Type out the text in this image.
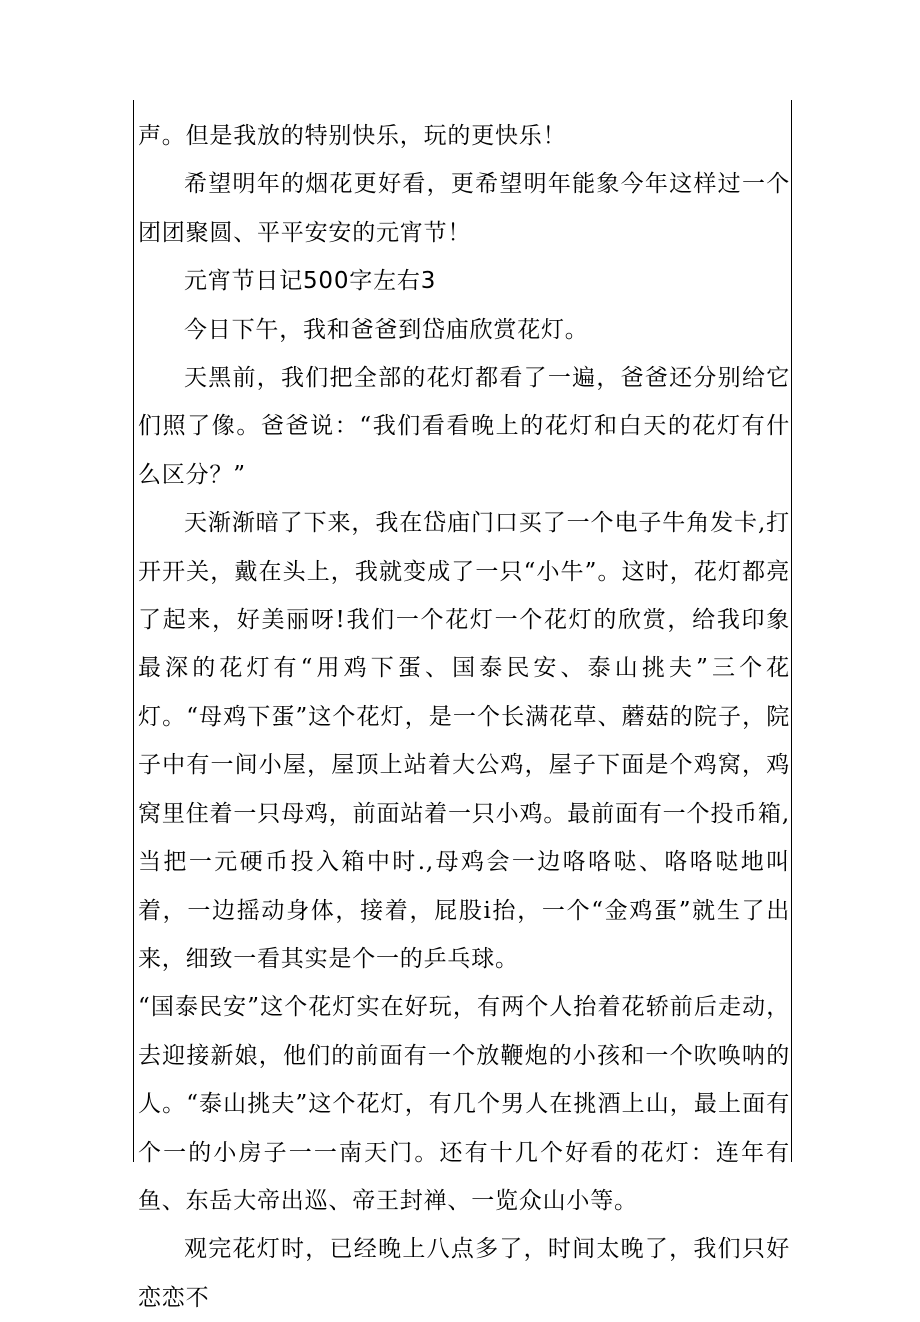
声。但是我放的特别快乐，玩的更快乐！

希望明年的烟花更好看，更希望明年能象今年这样过一个团团聚圆、平平安安的元宵节！

元宵节日记500字左右3

今日下午，我和爸爸到岱庙欣赏花灯。

天黑前，我们把全部的花灯都看了一遍，爸爸还分别给它们照了像。爸爸说：“我们看看晚上的花灯和白天的花灯有什么区分？”

天渐渐暗了下来，我在岱庙门口买了一个电子牛角发卡,打开开关，戴在头上，我就变成了一只“小牛”。这时，花灯都亮了起来，好美丽呀!我们一个花灯一个花灯的欣赏，给我印象最深的花灯有“用鸡下蛋、国泰民安、泰山挑夫”三个花灯。“母鸡下蛋”这个花灯，是一个长满花草、蘑菇的院子，院子中有一间小屋，屋顶上站着大公鸡，屋子下面是个鸡窝，鸡窝里住着一只母鸡，前面站着一只小鸡。最前面有一个投币箱,当把一元硬币投入箱中时.,母鸡会一边咯咯哒、咯咯哒地叫着，一边摇动身体，接着，屁股i抬，一个“金鸡蛋”就生了出来，细致一看其实是个一的乒乓球。

“国泰民安”这个花灯实在好玩，有两个人抬着花轿前后走动，去迎接新娘，他们的前面有一个放鞭炮的小孩和一个吹唤呐的人。“泰山挑夫”这个花灯，有几个男人在挑酒上山，最上面有个一的小房子一一南天门。还有十几个好看的花灯：连年有鱼、东岳大帝出巡、帝王封禅、一览众山小等。

观完花灯时，已经晚上八点多了，时间太晚了，我们只好恋恋不
